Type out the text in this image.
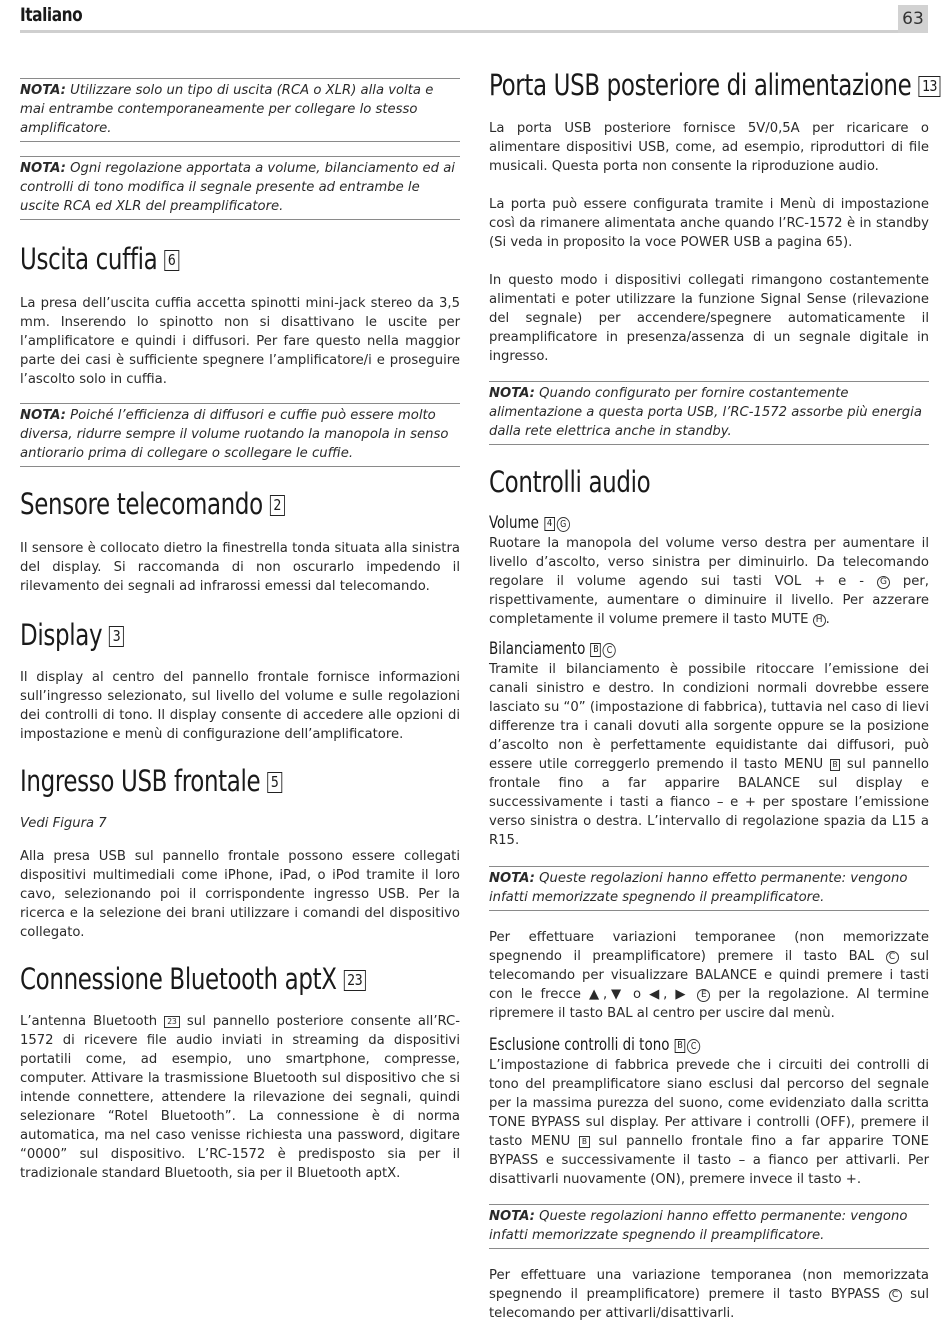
Italiano	63
NOTA: Utilizzare solo un tipo di uscita (RCA o XLR) alla volta e mai entrambe contemporaneamente per collegare lo stesso amplificatore.
NOTA: Ogni regolazione apportata a volume, bilanciamento ed ai controlli di tono modifica il segnale presente ad entrambe le uscite RCA ed XLR del preamplificatore.
Uscita cuffia 6

La presa dell’uscita cuffia accetta spinotti mini-jack stereo da 3,5 mm. Inserendo lo spinotto non si disattivano le uscite per l’amplificatore e quindi i diffusori. Per fare questo nella maggior parte dei casi è sufficiente spegnere l’amplificatore/i e proseguire l’ascolto solo in cuffia.

NOTA: Poiché l’efficienza di diffusori e cuffie può essere molto diversa, ridurre sempre il volume ruotando la manopola in senso antiorario prima di collegare o scollegare le cuffie.
Sensore telecomando 2

Il sensore è collocato dietro la finestrella tonda situata alla sinistra del display. Si raccomanda di non oscurarlo impedendo il rilevamento dei segnali ad infrarossi emessi dal telecomando.

Display 3

Il display al centro del pannello frontale fornisce informazioni sull’ingresso selezionato, sul livello del volume e sulle regolazioni dei controlli di tono. Il display consente di accedere alle opzioni di impostazione e menù di configurazione dell’amplificatore.

Ingresso USB frontale 5

Vedi Figura 7

Alla presa USB sul pannello frontale possono essere collegati dispositivi multimediali come iPhone, iPad, o iPod tramite il loro cavo, selezionando poi il corrispondente ingresso USB. Per la ricerca e la selezione dei brani utilizzare i comandi del dispositivo collegato.

Connessione Bluetooth aptX 23

L’antenna Bluetooth 23 sul pannello posteriore consente all’RC-1572 di ricevere file audio inviati in streaming da dispositivi portatili come, ad esempio, uno smartphone, compresse, computer. Attivare la trasmissione Bluetooth sul dispositivo che si intende connettere, attendere la rilevazione dei segnali, quindi selezionare “Rotel Bluetooth”. La connessione è di norma automatica, ma nel caso venisse richiesta una password, digitare “0000” sul dispositivo. L’RC-1572 è predisposto sia per il tradizionale standard Bluetooth, sia per il Bluetooth aptX.

Porta USB posteriore di alimentazione 13

La porta USB posteriore fornisce 5V/0,5A per ricaricare o alimentare dispositivi USB, come, ad esempio, riproduttori di file musicali. Questa porta non consente la riproduzione audio.

La porta può essere configurata tramite i Menù di impostazione così da rimanere alimentata anche quando l’RC-1572 è in standby (Si veda in proposito la voce POWER USB a pagina 65).

In questo modo i dispositivi collegati rimangono costantemente alimentati e poter utilizzare la funzione Signal Sense (rilevazione del segnale) per accendere/spegnere automaticamente il preamplificatore in presenza/assenza di un segnale digitale in ingresso.

NOTA: Quando configurato per fornire costantemente alimentazione a questa porta USB, l’RC-1572 assorbe più energia dalla rete elettrica anche in standby.
Controlli audio
Volume 4 G

Ruotare la manopola del volume verso destra per aumentare il livello d’ascolto, verso sinistra per diminuirlo. Da telecomando regolare il volume agendo sui tasti VOL + e - G per, rispettivamente, aumentare o diminuire il livello. Per azzerare completamente il volume premere il tasto MUTE H .

Bilanciamento B C

Tramite il bilanciamento è possibile ritoccare l’emissione dei canali sinistro e destro. In condizioni normali dovrebbe essere lasciato su “0” (impostazione di fabbrica), tuttavia nel caso di lievi differenze tra i canali dovuti alla sorgente oppure se la posizione d’ascolto non è perfettamente equidistante dai diffusori, può essere utile correggerlo premendo il tasto MENU B sul pannello frontale fino a far apparire BALANCE sul display e successivamente i tasti a fianco – e + per spostare l’emissione verso sinistra o destra. L’intervallo di regolazione spazia da L15 a R15.

NOTA: Queste regolazioni hanno effetto permanente: vengono infatti memorizzate spegnendo il preamplificatore.

Per effettuare variazioni temporanee (non memorizzate spegnendo il preamplificatore) premere il tasto BAL C sul telecomando per visualizzare BALANCE e quindi premere i tasti con le frecce ▲,▼ o ◀, ▶ E per la regolazione. Al termine ripremere il tasto BAL al centro per uscire dal menù.

Esclusione controlli di tono B C

L’impostazione di fabbrica prevede che i circuiti dei controlli di tono del preamplificatore siano esclusi dal percorso del segnale per la massima purezza del suono, come evidenziato dalla scritta TONE BYPASS sul display. Per attivare i controlli (OFF), premere il tasto MENU B sul pannello frontale fino a far apparire TONE BYPASS e successivamente il tasto – a fianco per attivarli. Per disattivarli nuovamente (ON), premere invece il tasto +.

NOTA: Queste regolazioni hanno effetto permanente: vengono infatti memorizzate spegnendo il preamplificatore.

Per effettuare una variazione temporanea (non memorizzata spegnendo il preamplificatore) premere il tasto BYPASS C sul telecomando per attivarli/disattivarli.
